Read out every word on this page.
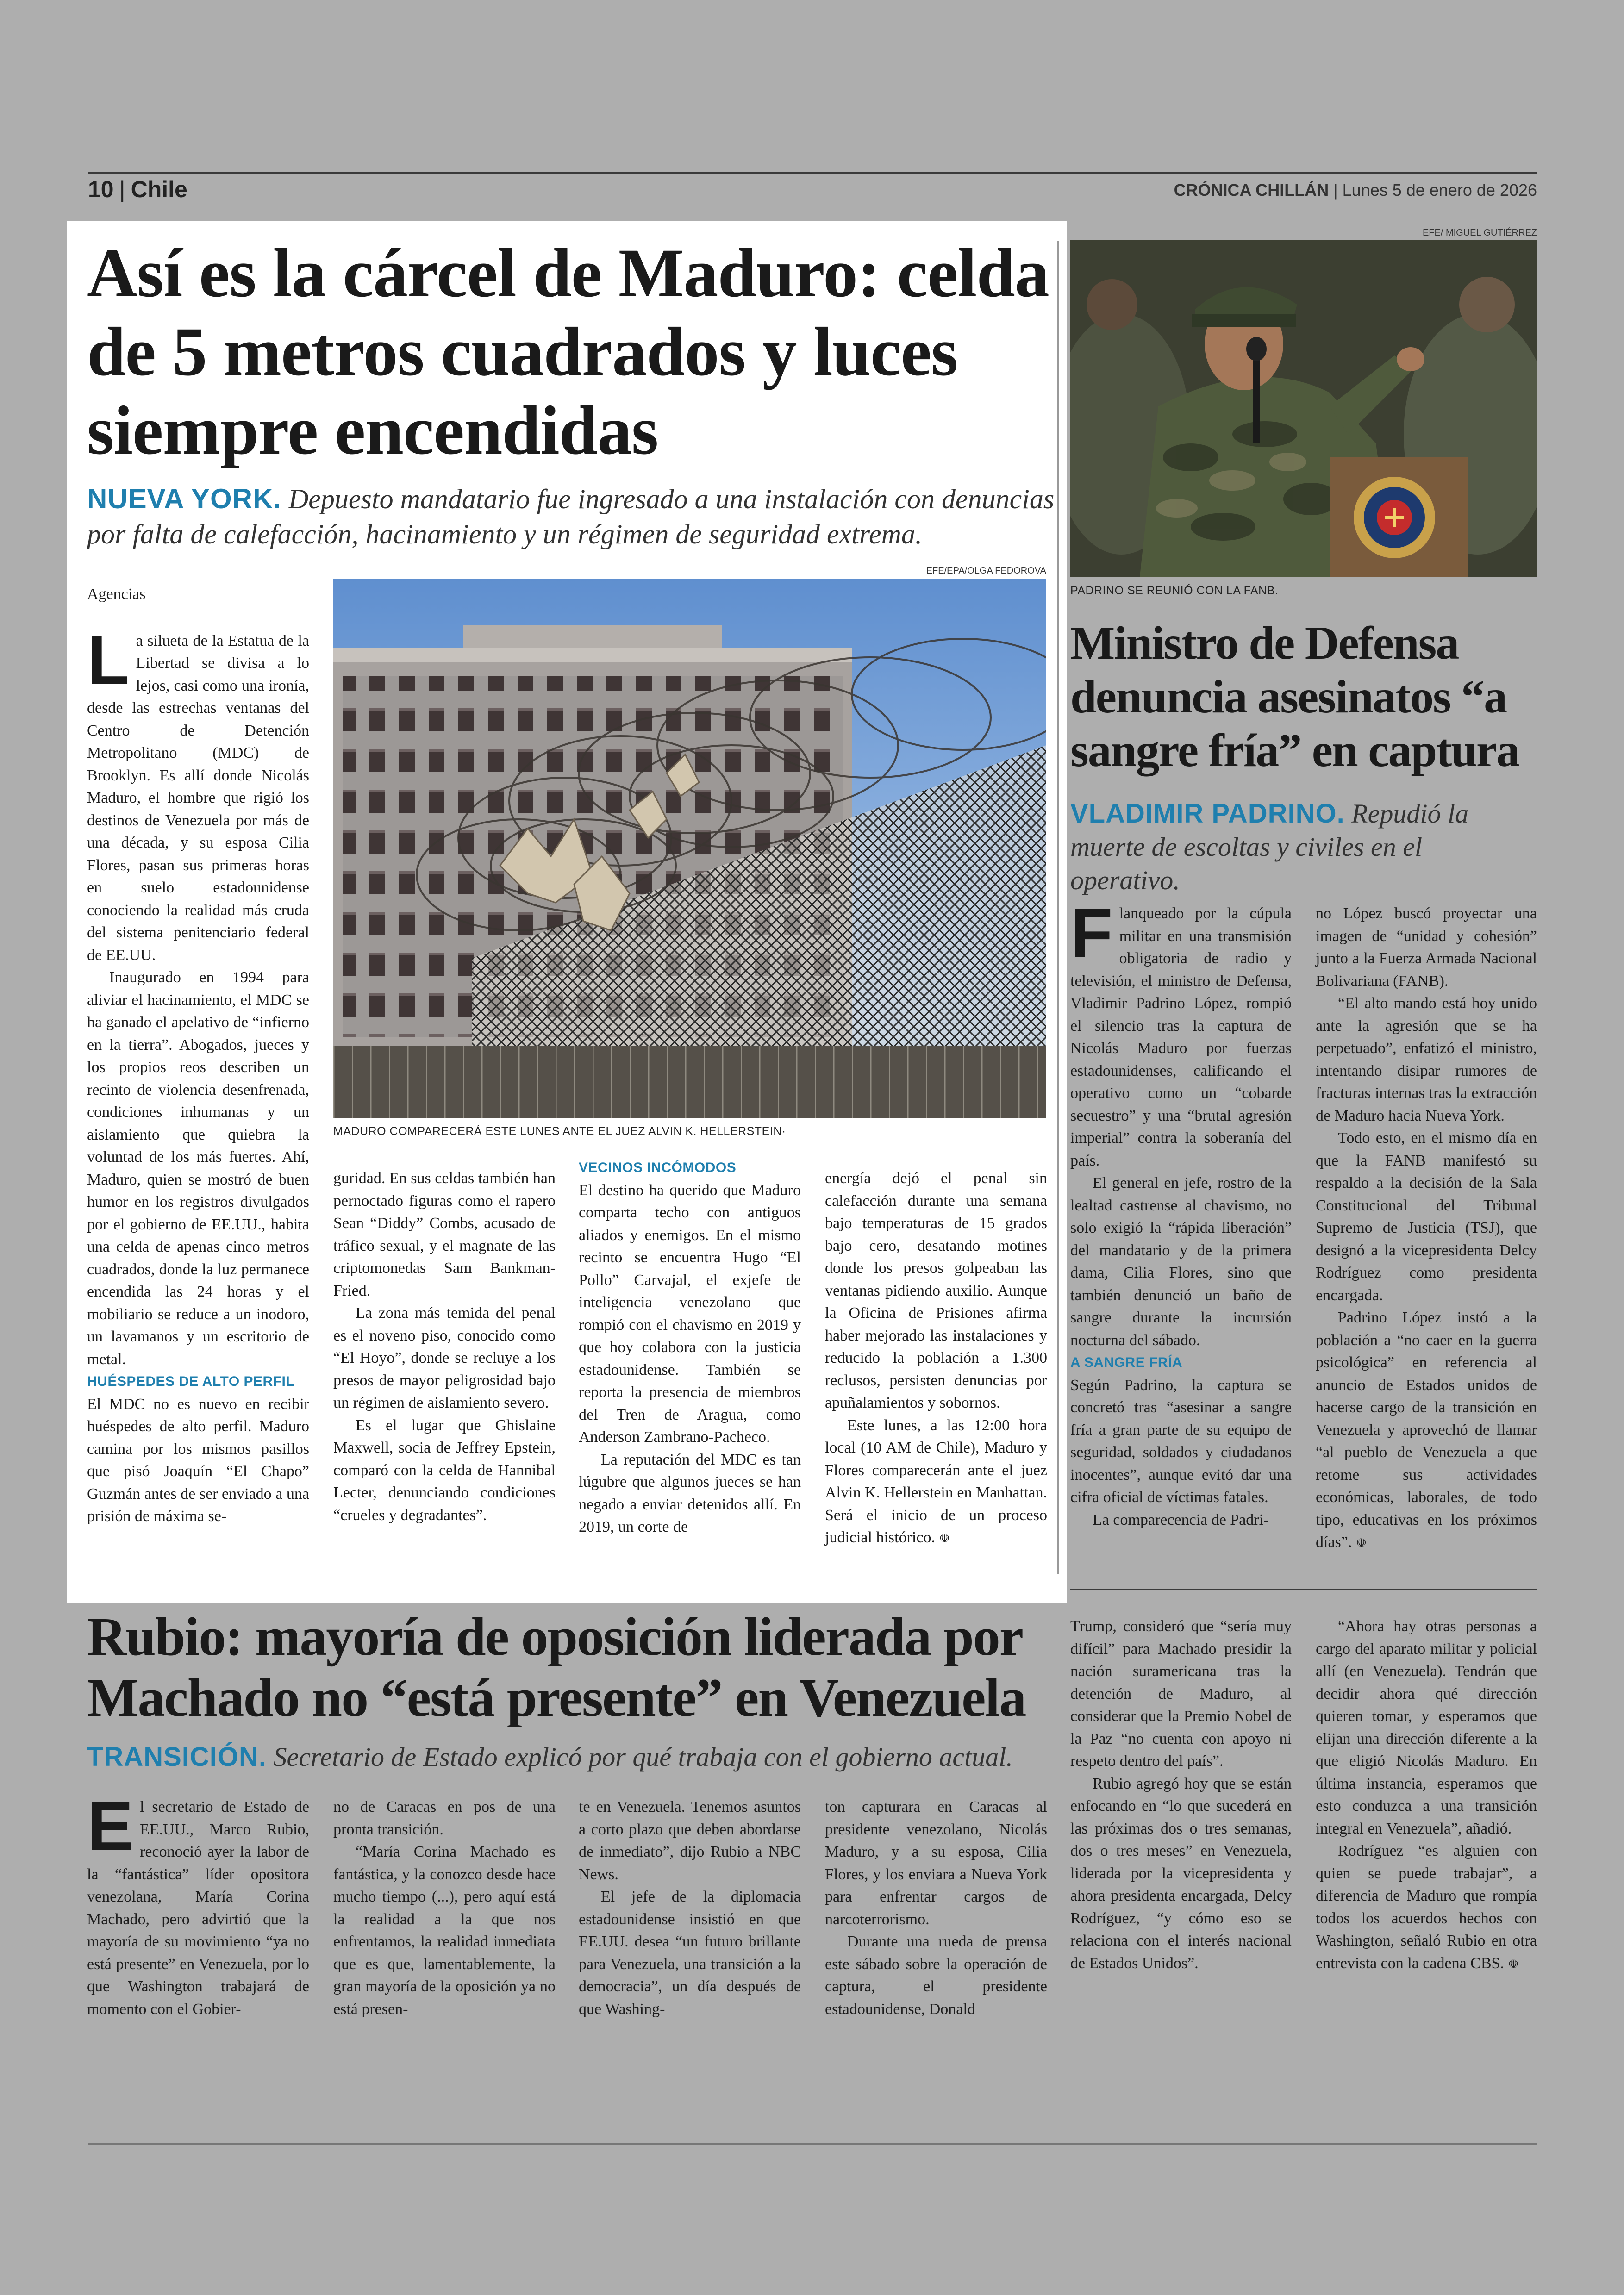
10 | Chile	CRÓNICA CHILLÁN | Lunes 5 de enero de 2026
Así es la cárcel de Maduro: celda de 5 metros cuadrados y luces siempre encendidas
NUEVA YORK. Depuesto mandatario fue ingresado a una instalación con denuncias por falta de calefacción, hacinamiento y un régimen de seguridad extrema.
EFE/EPA/OLGA FEDOROVA
MADURO COMPARECERÁ ESTE LUNES ANTE EL JUEZ ALVIN K. HELLERSTEIN·
Agencias

La silueta de la Estatua de la Libertad se divisa a lo lejos, casi como una ironía, desde las estrechas ventanas del Centro de Detención Metropolitano (MDC) de Brooklyn. Es allí donde Nicolás Maduro, el hombre que rigió los destinos de Venezuela por más de una década, y su esposa Cilia Flores, pasan sus primeras horas en suelo estadounidense conociendo la realidad más cruda del sistema penitenciario federal de EE.UU.

Inaugurado en 1994 para aliviar el hacinamiento, el MDC se ha ganado el apelativo de “infierno en la tierra”. Abogados, jueces y los propios reos describen un recinto de violencia desenfrenada, condiciones inhumanas y un aislamiento que quiebra la voluntad de los más fuertes. Ahí, Maduro, quien se mostró de buen humor en los registros divulgados por el gobierno de EE.UU., habita una celda de apenas cinco metros cuadrados, donde la luz permanece encendida las 24 horas y el mobiliario se reduce a un inodoro, un lavamanos y un escritorio de metal.

HUÉSPEDES DE ALTO PERFIL

El MDC no es nuevo en recibir huéspedes de alto perfil. Maduro camina por los mismos pasillos que pisó Joaquín “El Chapo” Guzmán antes de ser enviado a una prisión de máxima se-

guridad. En sus celdas también han pernoctado figuras como el rapero Sean “Diddy” Combs, acusado de tráfico sexual, y el magnate de las criptomonedas Sam Bankman-Fried.

La zona más temida del penal es el noveno piso, conocido como “El Hoyo”, donde se recluye a los presos de mayor peligrosidad bajo un régimen de aislamiento severo.

Es el lugar que Ghislaine Maxwell, socia de Jeffrey Epstein, comparó con la celda de Hannibal Lecter, denunciando condiciones “crueles y degradantes”.

VECINOS INCÓMODOS

El destino ha querido que Maduro comparta techo con antiguos aliados y enemigos. En el mismo recinto se encuentra Hugo “El Pollo” Carvajal, el exjefe de inteligencia venezolano que rompió con el chavismo en 2019 y que hoy colabora con la justicia estadounidense. También se reporta la presencia de miembros del Tren de Aragua, como Anderson Zambrano-Pacheco.

La reputación del MDC es tan lúgubre que algunos jueces se han negado a enviar detenidos allí. En 2019, un corte de

energía dejó el penal sin calefacción durante una semana bajo temperaturas de 15 grados bajo cero, desatando motines donde los presos golpeaban las ventanas pidiendo auxilio. Aunque la Oficina de Prisiones afirma haber mejorado las instalaciones y reducido la población a 1.300 reclusos, persisten denuncias por apuñalamientos y sobornos.

Este lunes, a las 12:00 hora local (10 AM de Chile), Maduro y Flores comparecerán ante el juez Alvin K. Hellerstein en Manhattan. Será el inicio de un proceso judicial histórico. ☫

EFE/ MIGUEL GUTIÉRREZ
PADRINO SE REUNIÓ CON LA FANB.
Ministro de Defensa denuncia asesinatos “a sangre fría” en captura
VLADIMIR PADRINO. Repudió la muerte de escoltas y civiles en el operativo.

Flanqueado por la cúpula militar en una transmisión obligatoria de radio y televisión, el ministro de Defensa, Vladimir Padrino López, rompió el silencio tras la captura de Nicolás Maduro por fuerzas estadounidenses, calificando el operativo como un “cobarde secuestro” y una “brutal agresión imperial” contra la soberanía del país.

El general en jefe, rostro de la lealtad castrense al chavismo, no solo exigió la “rápida liberación” del mandatario y de la primera dama, Cilia Flores, sino que también denunció un baño de sangre durante la incursión nocturna del sábado.

A SANGRE FRÍA

Según Padrino, la captura se concretó tras “asesinar a sangre fría a gran parte de su equipo de seguridad, soldados y ciudadanos inocentes”, aunque evitó dar una cifra oficial de víctimas fatales.

La comparecencia de Padri-

no López buscó proyectar una imagen de “unidad y cohesión” junto a la Fuerza Armada Nacional Bolivariana (FANB).

“El alto mando está hoy unido ante la agresión que se ha perpetuado”, enfatizó el ministro, intentando disipar rumores de fracturas internas tras la extracción de Maduro hacia Nueva York.

Todo esto, en el mismo día en que la FANB manifestó su respaldo a la decisión de la Sala Constitucional del Tribunal Supremo de Justicia (TSJ), que designó a la vicepresidenta Delcy Rodríguez como presidenta encargada.

Padrino López instó a la población a “no caer en la guerra psicológica” en referencia al anuncio de Estados unidos de hacerse cargo de la transición en Venezuela y aprovechó de llamar “al pueblo de Venezuela a que retome sus actividades económicas, laborales, de todo tipo, educativas en los próximos días”. ☫

Rubio: mayoría de oposición liderada por Machado no “está presente” en Venezuela
TRANSICIÓN. Secretario de Estado explicó por qué trabaja con el gobierno actual.

El secretario de Estado de EE.UU., Marco Rubio, reconoció ayer la labor de la “fantástica” líder opositora venezolana, María Corina Machado, pero advirtió que la mayoría de su movimiento “ya no está presente” en Venezuela, por lo que Washington trabajará de momento con el Gobier-

no de Caracas en pos de una pronta transición.

“María Corina Machado es fantástica, y la conozco desde hace mucho tiempo (...), pero aquí está la realidad a la que nos enfrentamos, la realidad inmediata que es que, lamentablemente, la gran mayoría de la oposición ya no está presen-

te en Venezuela. Tenemos asuntos a corto plazo que deben abordarse de inmediato”, dijo Rubio a NBC News.

El jefe de la diplomacia estadounidense insistió en que EE.UU. desea “un futuro brillante para Venezuela, una transición a la democracia”, un día después de que Washing-

ton capturara en Caracas al presidente venezolano, Nicolás Maduro, y a su esposa, Cilia Flores, y los enviara a Nueva York para enfrentar cargos de narcoterrorismo.

Durante una rueda de prensa este sábado sobre la operación de captura, el presidente estadounidense, Donald

Trump, consideró que “sería muy difícil” para Machado presidir la nación suramericana tras la detención de Maduro, al considerar que la Premio Nobel de la Paz “no cuenta con apoyo ni respeto dentro del país”.

Rubio agregó hoy que se están enfocando en “lo que sucederá en las próximas dos o tres semanas, dos o tres meses” en Venezuela, liderada por la vicepresidenta y ahora presidenta encargada, Delcy Rodríguez, “y cómo eso se relaciona con el interés nacional de Estados Unidos”.

“Ahora hay otras personas a cargo del aparato militar y policial allí (en Venezuela). Tendrán que decidir ahora qué dirección quieren tomar, y esperamos que elijan una dirección diferente a la que eligió Nicolás Maduro. En última instancia, esperamos que esto conduzca a una transición integral en Venezuela”, añadió.

Rodríguez “es alguien con quien se puede trabajar”, a diferencia de Maduro que rompía todos los acuerdos hechos con Washington, señaló Rubio en otra entrevista con la cadena CBS. ☫
